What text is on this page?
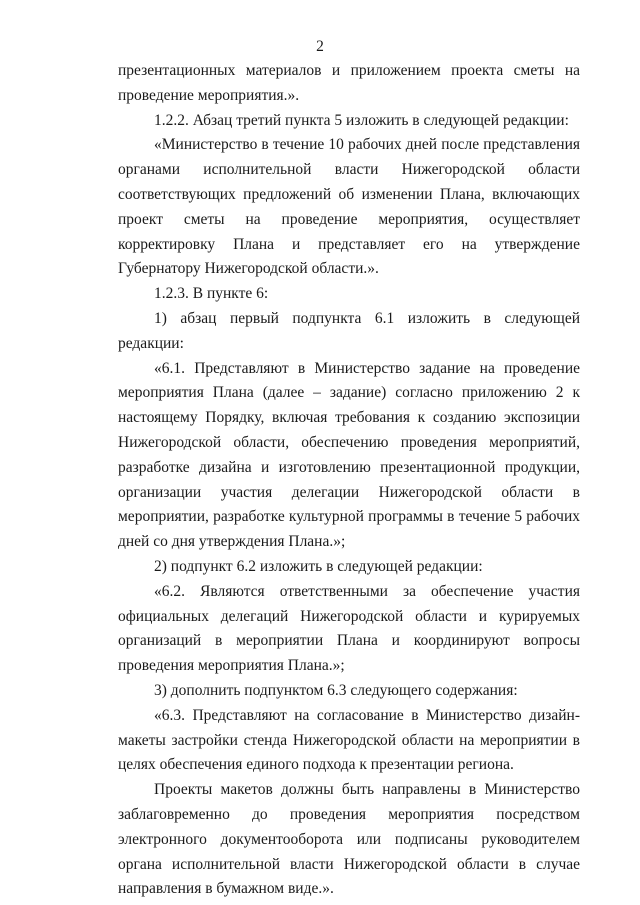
2

презентационных материалов и приложением проекта сметы на проведение мероприятия.».

1.2.2. Абзац третий пункта 5 изложить в следующей редакции:

«Министерство в течение 10 рабочих дней после представления органами исполнительной власти Нижегородской области соответствующих предложений об изменении Плана, включающих проект сметы на проведение мероприятия, осуществляет корректировку Плана и представляет его на утверждение Губернатору Нижегородской области.».

1.2.3. В пункте 6:

1) абзац первый подпункта 6.1 изложить в следующей редакции:

«6.1. Представляют в Министерство задание на проведение мероприятия Плана (далее – задание) согласно приложению 2 к настоящему Порядку, включая требования к созданию экспозиции Нижегородской области, обеспечению проведения мероприятий, разработке дизайна и изготовлению презентационной продукции, организации участия делегации Нижегородской области в мероприятии, разработке культурной программы в течение 5 рабочих дней со дня утверждения Плана.»;

2) подпункт 6.2 изложить в следующей редакции:

«6.2. Являются ответственными за обеспечение участия официальных делегаций Нижегородской области и курируемых организаций в мероприятии Плана и координируют вопросы проведения мероприятия Плана.»;

3) дополнить подпунктом 6.3 следующего содержания:

«6.3. Представляют на согласование в Министерство дизайн-макеты застройки стенда Нижегородской области на мероприятии в целях обеспечения единого подхода к презентации региона.

Проекты макетов должны быть направлены в Министерство заблаговременно до проведения мероприятия посредством электронного документооборота или подписаны руководителем органа исполнительной власти Нижегородской области в случае направления в бумажном виде.».
